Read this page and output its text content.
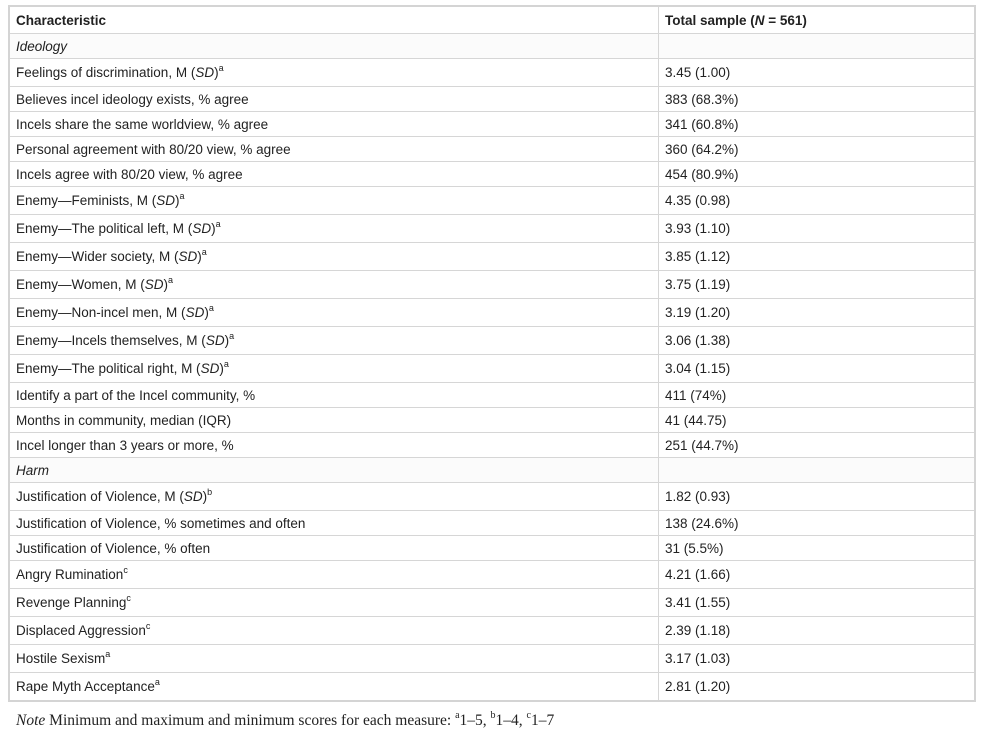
Characteristic	Total sample (N = 561)
Ideology	
Feelings of discrimination, M (SD)$^a$	3.45 (1.00)
Believes incel ideology exists, % agree	383 (68.3%)
Incels share the same worldview, % agree	341 (60.8%)
Personal agreement with 80/20 view, % agree	360 (64.2%)
Incels agree with 80/20 view, % agree	454 (80.9%)
Enemy—Feminists, M (SD)$^a$	4.35 (0.98)
Enemy—The political left, M (SD)$^a$	3.93 (1.10)
Enemy—Wider society, M (SD)$^a$	3.85 (1.12)
Enemy—Women, M (SD)$^a$	3.75 (1.19)
Enemy—Non-incel men, M (SD)$^a$	3.19 (1.20)
Enemy—Incels themselves, M (SD)$^a$	3.06 (1.38)
Enemy—The political right, M (SD)$^a$	3.04 (1.15)
Identify a part of the Incel community, %	411 (74%)
Months in community, median (IQR)	41 (44.75)
Incel longer than 3 years or more, %	251 (44.7%)
Harm	
Justification of Violence, M (SD)$^b$	1.82 (0.93)
Justification of Violence, % sometimes and often	138 (24.6%)
Justification of Violence, % often	31 (5.5%)
Angry Rumination$^c$	4.21 (1.66)
Revenge Planning$^c$	3.41 (1.55)
Displaced Aggression$^c$	2.39 (1.18)
Hostile Sexism$^a$	3.17 (1.03)
Rape Myth Acceptance$^a$	2.81 (1.20)
Note Minimum and maximum and minimum scores for each measure: $^a$1–5, $^b$1–4, $^c$1–7
